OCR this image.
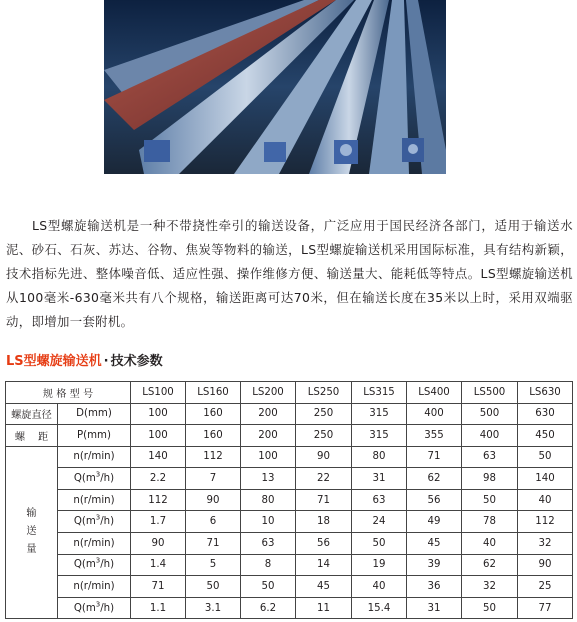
LS型螺旋输送机是一种不带挠性牵引的输送设备，广泛应用于国民经济各部门，适用于输送水泥、砂石、石灰、苏达、谷物、焦炭等物料的输送，LS型螺旋输送机采用国际标准，具有结构新颖，技术指标先进、整体噪音低、适应性强、操作维修方便、输送量大、能耗低等特点。LS型螺旋输送机从100毫米-630毫米共有八个规格，输送距离可达70米，但在输送长度在35米以上时，采用双端驱动，即增加一套附机。

LS型螺旋输送机 · 技术参数
规 格 型 号		LS100	LS160	LS200	LS250	LS315	LS400	LS500	LS630
螺旋直径	D(mm)	100	160	200	250	315	400	500	630
螺    距	P(mm)	100	160	200	250	315	355	400	450
输送量	n(r/min)	140	112	100	90	80	71	63	50
	$Q(m^3/h)$	2.2	7	13	22	31	62	98	140
	n(r/min)	112	90	80	71	63	56	50	40
	$Q(m^3/h)$	1.7	6	10	18	24	49	78	112
	n(r/min)	90	71	63	56	50	45	40	32
	$Q(m^3/h)$	1.4	5	8	14	19	39	62	90
	n(r/min)	71	50	50	45	40	36	32	25
	$Q(m^3/h)$	1.1	3.1	6.2	11	15.4	31	50	77
